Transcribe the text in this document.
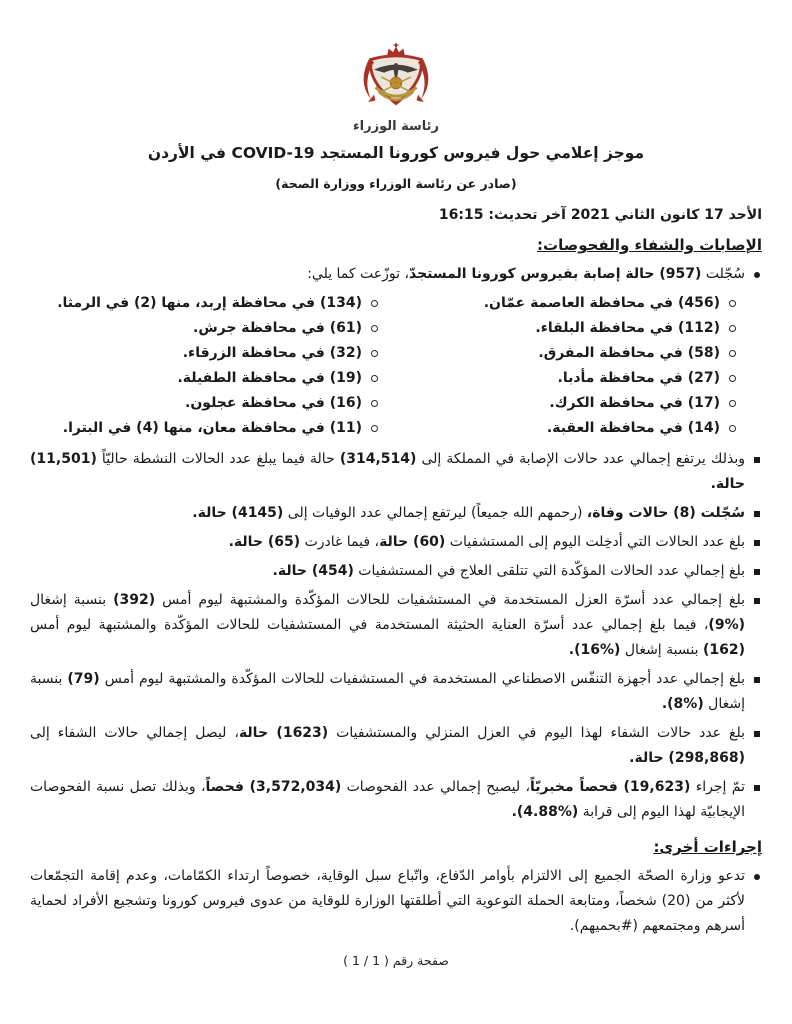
رئاسة الوزراء
موجز إعلامي حول فيروس كورونا المستجد COVID-19 في الأردن
(صادر عن رئاسة الوزراء ووزارة الصحة)
الأحد 17 كانون الثاني 2021 آخر تحديث: 16:15
الإصابات والشفاء والفحوصات:
سُجّلت (957) حالة إصابة بفيروس كورونا المستجدّ، توزّعت كما يلي:
(456) في محافظة العاصمة عمّان.
(134) في محافظة إربد، منها (2) في الرمثا.
(112) في محافظة البلقاء.
(61) في محافظة جرش.
(58) في محافظة المفرق.
(32) في محافظة الزرقاء.
(27) في محافظة مأدبا.
(19) في محافظة الطفيلة.
(17) في محافظة الكرك.
(16) في محافظة عجلون.
(14) في محافظة العقبة.
(11) في محافظة معان، منها (4) في البترا.
وبذلك يرتفع إجمالي عدد حالات الإصابة في المملكة إلى (314,514) حالة فيما يبلغ عدد الحالات النشطة حاليّاً (11,501) حالة.
سُجّلت (8) حالات وفاة، (رحمهم الله جميعاً) ليرتفع إجمالي عدد الوفيات إلى (4145) حالة.
بلغ عدد الحالات التي أدخِلت اليوم إلى المستشفيات (60) حالة، فيما غادرت (65) حالة.
بلغ إجمالي عدد الحالات المؤكّدة التي تتلقى العلاج في المستشفيات (454) حالة.
بلغ إجمالي عدد أسرّة العزل المستخدمة في المستشفيات للحالات المؤكّدة والمشتبهة ليوم أمس (392) بنسبة إشغال (%9)، فيما بلغ إجمالي عدد أسرّة العناية الحثيثة المستخدمة في المستشفيات للحالات المؤكّدة والمشتبهة ليوم أمس (162) بنسبة إشغال (%16).
بلغ إجمالي عدد أجهزة التنفّس الاصطناعي المستخدمة في المستشفيات للحالات المؤكّدة والمشتبهة ليوم أمس (79) بنسبة إشغال (%8).
بلغ عدد حالات الشفاء لهذا اليوم في العزل المنزلي والمستشفيات (1623) حالة، ليصل إجمالي حالات الشفاء إلى (298,868) حالة.
تمّ إجراء (19,623) فحصاً مخبريّاً، ليصبح إجمالي عدد الفحوصات (3,572,034) فحصاً، وبذلك تصل نسبة الفحوصات الإيجابيّة لهذا اليوم إلى قرابة (%4.88).
إجراءات أخرى:
تدعو وزارة الصحّة الجميع إلى الالتزام بأوامر الدّفاع، واتّباع سبل الوقاية، خصوصاً ارتداء الكمّامات، وعدم إقامة التجمّعات لأكثر من (20) شخصاً، ومتابعة الحملة التوعوية التي أطلقتها الوزارة للوقاية من عدوى فيروس كورونا وتشجيع الأفراد لحماية أسرهم ومجتمعهم (#بحميهم).
صفحة رقم ( 1 / 1 )
